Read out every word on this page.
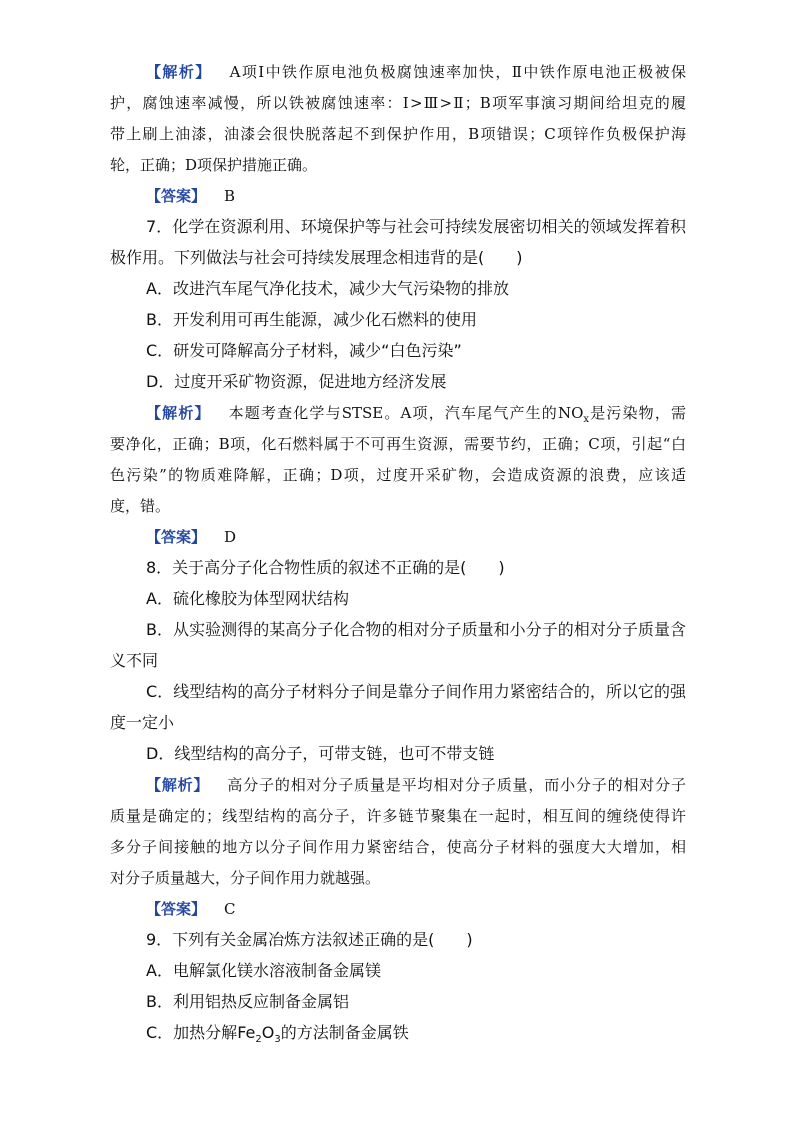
【解析】 A项Ⅰ中铁作原电池负极腐蚀速率加快，Ⅱ中铁作原电池正极被保
护，腐蚀速率减慢，所以铁被腐蚀速率：Ⅰ>Ⅲ>Ⅱ；B项军事演习期间给坦克的履
带上刷上油漆，油漆会很快脱落起不到保护作用，B项错误；C项锌作负极保护海
轮，正确；D项保护措施正确。
【答案】 B
7．化学在资源利用、环境保护等与社会可持续发展密切相关的领域发挥着积
极作用。下列做法与社会可持续发展理念相违背的是(　　)
A．改进汽车尾气净化技术，减少大气污染物的排放
B．开发利用可再生能源，减少化石燃料的使用
C．研发可降解高分子材料，减少“白色污染”
D．过度开采矿物资源，促进地方经济发展
【解析】 本题考查化学与STSE。A项，汽车尾气产生的$NO_x$是污染物，需
要净化，正确；B项，化石燃料属于不可再生资源，需要节约，正确；C项，引起“白
色污染”的物质难降解，正确；D项，过度开采矿物，会造成资源的浪费，应该适
度，错。
【答案】 D
8．关于高分子化合物性质的叙述不正确的是(　　)
A．硫化橡胶为体型网状结构
B．从实验测得的某高分子化合物的相对分子质量和小分子的相对分子质量含
义不同
C．线型结构的高分子材料分子间是靠分子间作用力紧密结合的，所以它的强
度一定小
D．线型结构的高分子，可带支链，也可不带支链
【解析】 高分子的相对分子质量是平均相对分子质量，而小分子的相对分子
质量是确定的；线型结构的高分子，许多链节聚集在一起时，相互间的缠绕使得许
多分子间接触的地方以分子间作用力紧密结合，使高分子材料的强度大大增加，相
对分子质量越大，分子间作用力就越强。
【答案】 C
9．下列有关金属冶炼方法叙述正确的是(　　)
A．电解氯化镁水溶液制备金属镁
B．利用铝热反应制备金属铝
C．加热分解$Fe_2O_3$的方法制备金属铁
